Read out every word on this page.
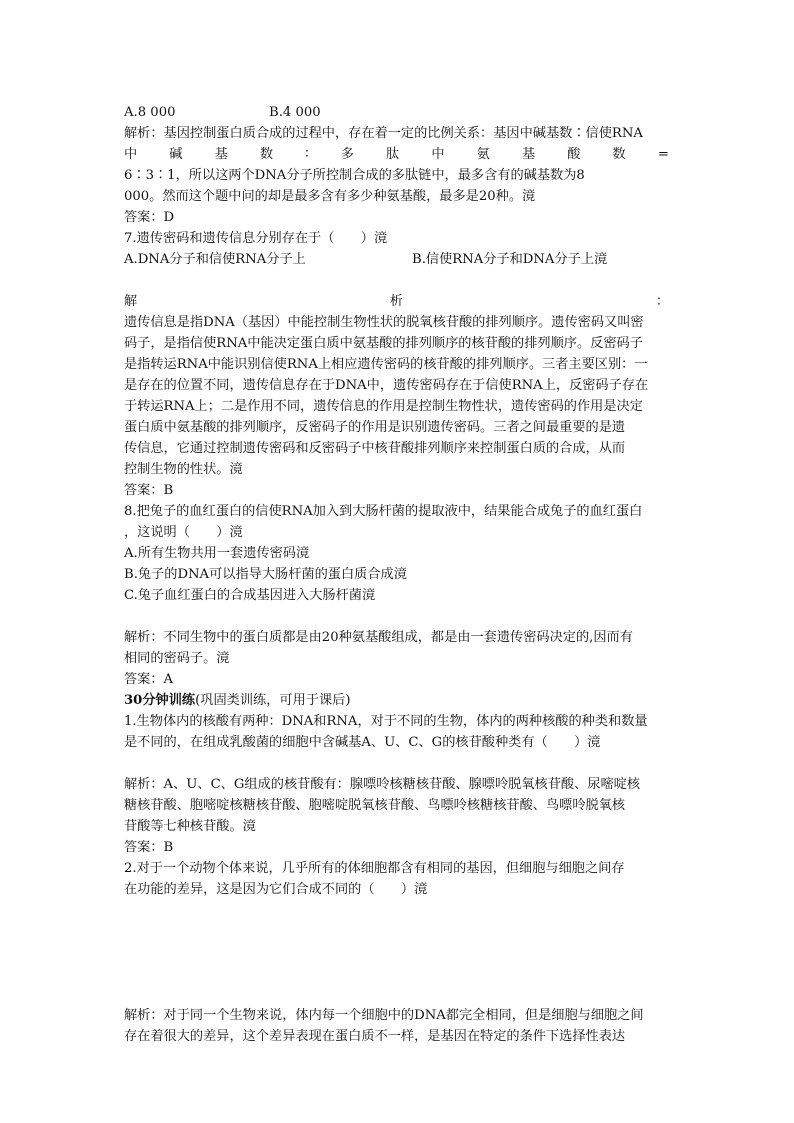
A.8 000	B.4 000
解析：基因控制蛋白质合成的过程中，存在着一定的比例关系：基因中碱基数∶信使RNA
中 碱 基 数 ∶ 多 肽 中 氨 基 酸 数 =
6∶3∶1，所以这两个DNA分子所控制合成的多肽链中，最多含有的碱基数为8
000。然而这个题中问的却是最多含有多少种氨基酸，最多是20种。滰
答案：D
7.遗传密码和遗传信息分别存在于（　　）滰
A.DNA分子和信使RNA分子上	B.信使RNA分子和DNA分子上滰
解	析	：
遗传信息是指DNA（基因）中能控制生物性状的脱氧核苷酸的排列顺序。遗传密码又叫密
码子，是指信使RNA中能决定蛋白质中氨基酸的排列顺序的核苷酸的排列顺序。反密码子
是指转运RNA中能识别信使RNA上相应遗传密码的核苷酸的排列顺序。三者主要区别：一
是存在的位置不同，遗传信息存在于DNA中，遗传密码存在于信使RNA上，反密码子存在
于转运RNA上；二是作用不同，遗传信息的作用是控制生物性状，遗传密码的作用是决定
蛋白质中氨基酸的排列顺序，反密码子的作用是识别遗传密码。三者之间最重要的是遗
传信息，它通过控制遗传密码和反密码子中核苷酸排列顺序来控制蛋白质的合成，从而
控制生物的性状。滰
答案：B
8.把兔子的血红蛋白的信使RNA加入到大肠杆菌的提取液中，结果能合成兔子的血红蛋白
，这说明（　　）滰
A.所有生物共用一套遗传密码滰
B.兔子的DNA可以指导大肠杆菌的蛋白质合成滰
C.兔子血红蛋白的合成基因进入大肠杆菌滰
解析：不同生物中的蛋白质都是由20种氨基酸组成，都是由一套遗传密码决定的,因而有
相同的密码子。滰
答案：A
30分钟训练(巩固类训练，可用于课后)
1.生物体内的核酸有两种：DNA和RNA，对于不同的生物，体内的两种核酸的种类和数量
是不同的，在组成乳酸菌的细胞中含碱基A、U、C、G的核苷酸种类有（　　）滰
解析：A、U、C、G组成的核苷酸有：腺嘌呤核糖核苷酸、腺嘌呤脱氧核苷酸、尿嘧啶核
糖核苷酸、胞嘧啶核糖核苷酸、胞嘧啶脱氧核苷酸、鸟嘌呤核糖核苷酸、鸟嘌呤脱氧核
苷酸等七种核苷酸。滰
答案：B
2.对于一个动物个体来说，几乎所有的体细胞都含有相同的基因，但细胞与细胞之间存
在功能的差异，这是因为它们合成不同的（　　）滰
解析：对于同一个生物来说，体内每一个细胞中的DNA都完全相同，但是细胞与细胞之间
存在着很大的差异，这个差异表现在蛋白质不一样，是基因在特定的条件下选择性表达
